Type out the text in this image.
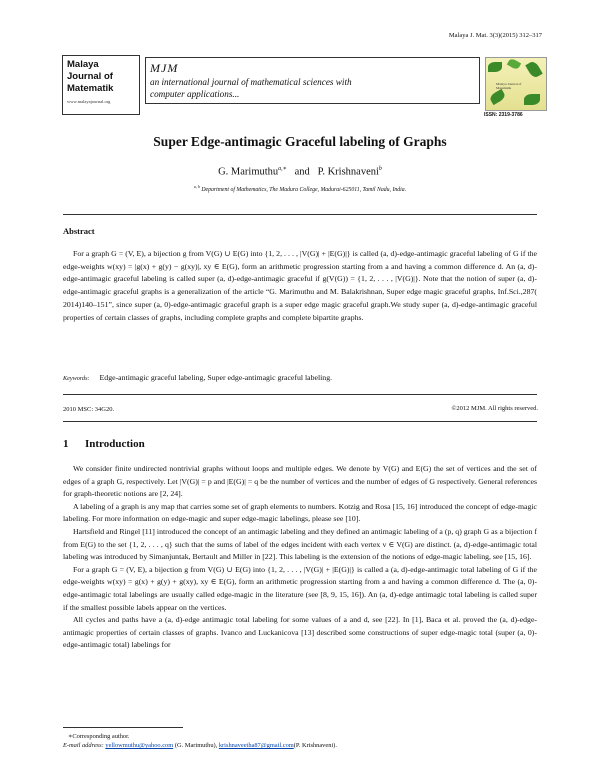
Malaya J. Mat. 3(3)(2015) 312–317
Malaya
Journal of
Matematik
www.malayajournal.org
MJM
an international journal of mathematical sciences with
computer applications...
Malaya Journal of
Matematik
ISSN: 2319-3786
Super Edge-antimagic Graceful labeling of Graphs
G. Marimuthu$^{a,∗}$ and P. Krishnaveni$^b$
$^{a, b}$ Department of Mathematics, The Madura College, Madurai-625011, Tamil Nadu, India.
Abstract
For a graph G = (V, E), a bijection g from V(G) ∪ E(G) into {1, 2, . . . , |V(G)| + |E(G)|} is called (a, d)-edge-antimagic graceful labeling of G if the edge-weights w(xy) = |g(x) + g(y) − g(xy)|, xy ∈ E(G), form an arithmetic progression starting from a and having a common difference d. An (a, d)-edge-antimagic graceful labeling is called super (a, d)-edge-antimagic graceful if g(V(G)) = {1, 2, . . . , |V(G)|}. Note that the notion of super (a, d)-edge-antimagic graceful graphs is a generalization of the article “G. Marimuthu and M. Balakrishnan, Super edge magic graceful graphs, Inf.Sci.,287( 2014)140–151”, since super (a, 0)-edge-antimagic graceful graph is a super edge magic graceful graph.We study super (a, d)-edge-antimagic graceful properties of certain classes of graphs, including complete graphs and complete bipartite graphs.
Keywords: Edge-antimagic graceful labeling, Super edge-antimagic graceful labeling.
2010 MSC: 34G20.	©2012 MJM. All rights reserved.
1 Introduction

We consider finite undirected nontrivial graphs without loops and multiple edges. We denote by V(G) and E(G) the set of vertices and the set of edges of a graph G, respectively. Let |V(G)| = p and |E(G)| = q be the number of vertices and the number of edges of G respectively. General references for graph-theoretic notions are [2, 24].

A labeling of a graph is any map that carries some set of graph elements to numbers. Kotzig and Rosa [15, 16] introduced the concept of edge-magic labeling. For more information on edge-magic and super edge-magic labelings, please see [10].

Hartsfield and Ringel [11] introduced the concept of an antimagic labeling and they defined an antimagic labeling of a (p, q) graph G as a bijection f from E(G) to the set {1, 2, . . . , q} such that the sums of label of the edges incident with each vertex v ∈ V(G) are distinct. (a, d)-edge-antimagic total labeling was introduced by Simanjuntak, Bertault and Miller in [22]. This labeling is the extension of the notions of edge-magic labeling, see [15, 16].

For a graph G = (V, E), a bijection g from V(G) ∪ E(G) into {1, 2, . . . , |V(G)| + |E(G)|} is called a (a, d)-edge-antimagic total labeling of G if the edge-weights w(xy) = g(x) + g(y) + g(xy), xy ∈ E(G), form an arithmetic progression starting from a and having a common difference d. The (a, 0)-edge-antimagic total labelings are usually called edge-magic in the literature (see [8, 9, 15, 16]). An (a, d)-edge antimagic total labeling is called super if the smallest possible labels appear on the vertices.

All cycles and paths have a (a, d)-edge antimagic total labeling for some values of a and d, see [22]. In [1], Baca et al. proved the (a, d)-edge-antimagic properties of certain classes of graphs. Ivanco and Luckanicova [13] described some constructions of super edge-magic total (super (a, 0)-edge-antimagic total) labelings for

∗Corresponding author.
E-mail address: yellowmuthu@yahoo.com (G. Marimuthu), krishnaveetha87@gmail.com(P. Krishnaveni).
